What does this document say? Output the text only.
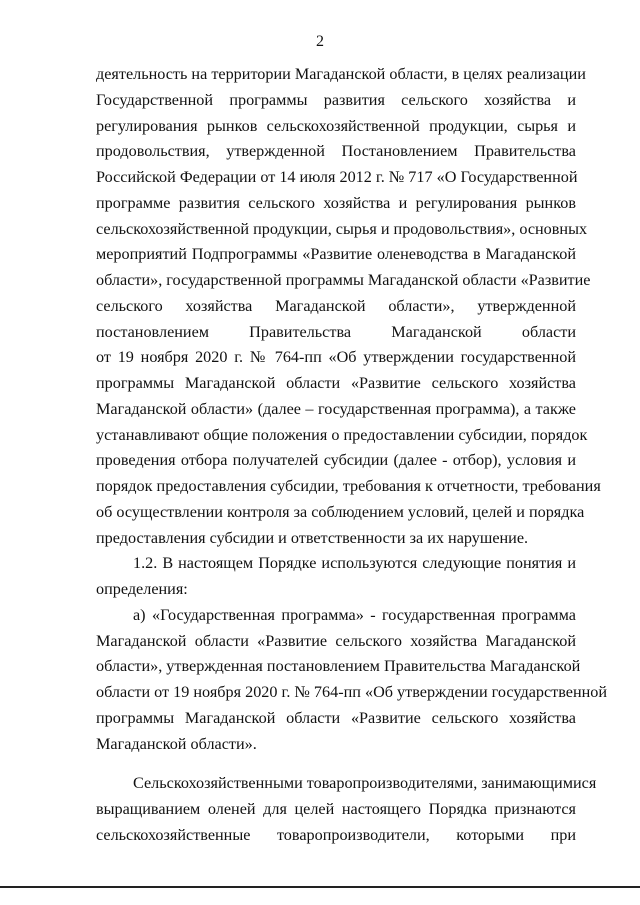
2
деятельность на территории Магаданской области, в целях реализации
Государственной программы развития сельского хозяйства и
регулирования рынков сельскохозяйственной продукции, сырья и
продовольствия, утвержденной Постановлением Правительства
Российской Федерации от 14 июля 2012 г. № 717 «О Государственной
программе развития сельского хозяйства и регулирования рынков
сельскохозяйственной продукции, сырья и продовольствия», основных
мероприятий Подпрограммы «Развитие оленеводства в Магаданской
области», государственной программы Магаданской области «Развитие
сельского хозяйства Магаданской области», утвержденной
постановлением Правительства Магаданской области
от 19 ноября 2020 г. № 764-пп «Об утверждении государственной
программы Магаданской области «Развитие сельского хозяйства
Магаданской области» (далее – государственная программа), а также
устанавливают общие положения о предоставлении субсидии, порядок
проведения отбора получателей субсидии (далее - отбор), условия и
порядок предоставления субсидии, требования к отчетности, требования
об осуществлении контроля за соблюдением условий, целей и порядка
предоставления субсидии и ответственности за их нарушение.
1.2. В настоящем Порядке используются следующие понятия и
определения:
а) «Государственная программа» - государственная программа
Магаданской области «Развитие сельского хозяйства Магаданской
области», утвержденная постановлением Правительства Магаданской
области от 19 ноября 2020 г. № 764-пп «Об утверждении государственной
программы Магаданской области «Развитие сельского хозяйства
Магаданской области».
Сельскохозяйственными товаропроизводителями, занимающимися
выращиванием оленей для целей настоящего Порядка признаются
сельскохозяйственные товаропроизводители, которыми при
